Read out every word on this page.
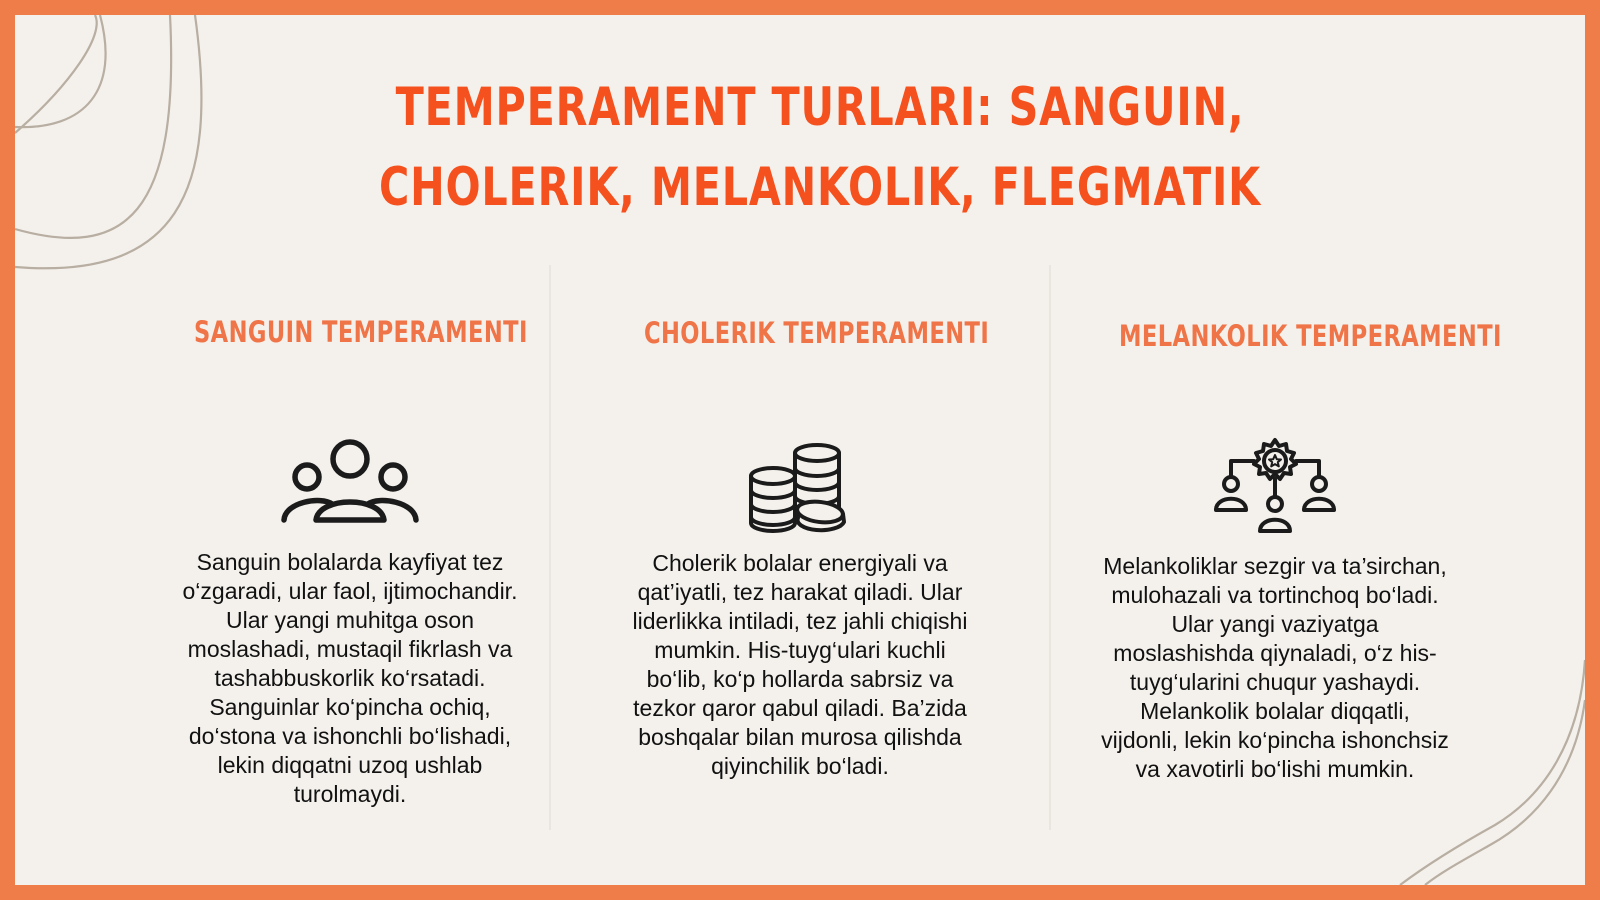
TEMPERAMENT TURLARI: SANGUIN, CHOLERIK, MELANKOLIK, FLEGMATIK
SANGUIN TEMPERAMENTI

Sanguin bolalarda kayfiyat tez o‘zgaradi, ular faol, ijtimochandir. Ular yangi muhitga oson moslashadi, mustaqil fikrlash va tashabbuskorlik ko‘rsatadi. Sanguinlar ko‘pincha ochiq, do‘stona va ishonchli bo‘lishadi, lekin diqqatni uzoq ushlab turolmaydi.

CHOLERIK TEMPERAMENTI

Cholerik bolalar energiyali va qat’iyatli, tez harakat qiladi. Ular liderlikka intiladi, tez jahli chiqishi mumkin. His-tuyg‘ulari kuchli bo‘lib, ko‘p hollarda sabrsiz va tezkor qaror qabul qiladi. Ba’zida boshqalar bilan murosa qilishda qiyinchilik bo‘ladi.

MELANKOLIK TEMPERAMENTI

Melankoliklar sezgir va ta’sirchan, mulohazali va tortinchoq bo‘ladi. Ular yangi vaziyatga moslashishda qiynaladi, o‘z his-tuyg‘ularini chuqur yashaydi. Melankolik bolalar diqqatli, vijdonli, lekin ko‘pincha ishonchsiz va xavotirli bo‘lishi mumkin.
